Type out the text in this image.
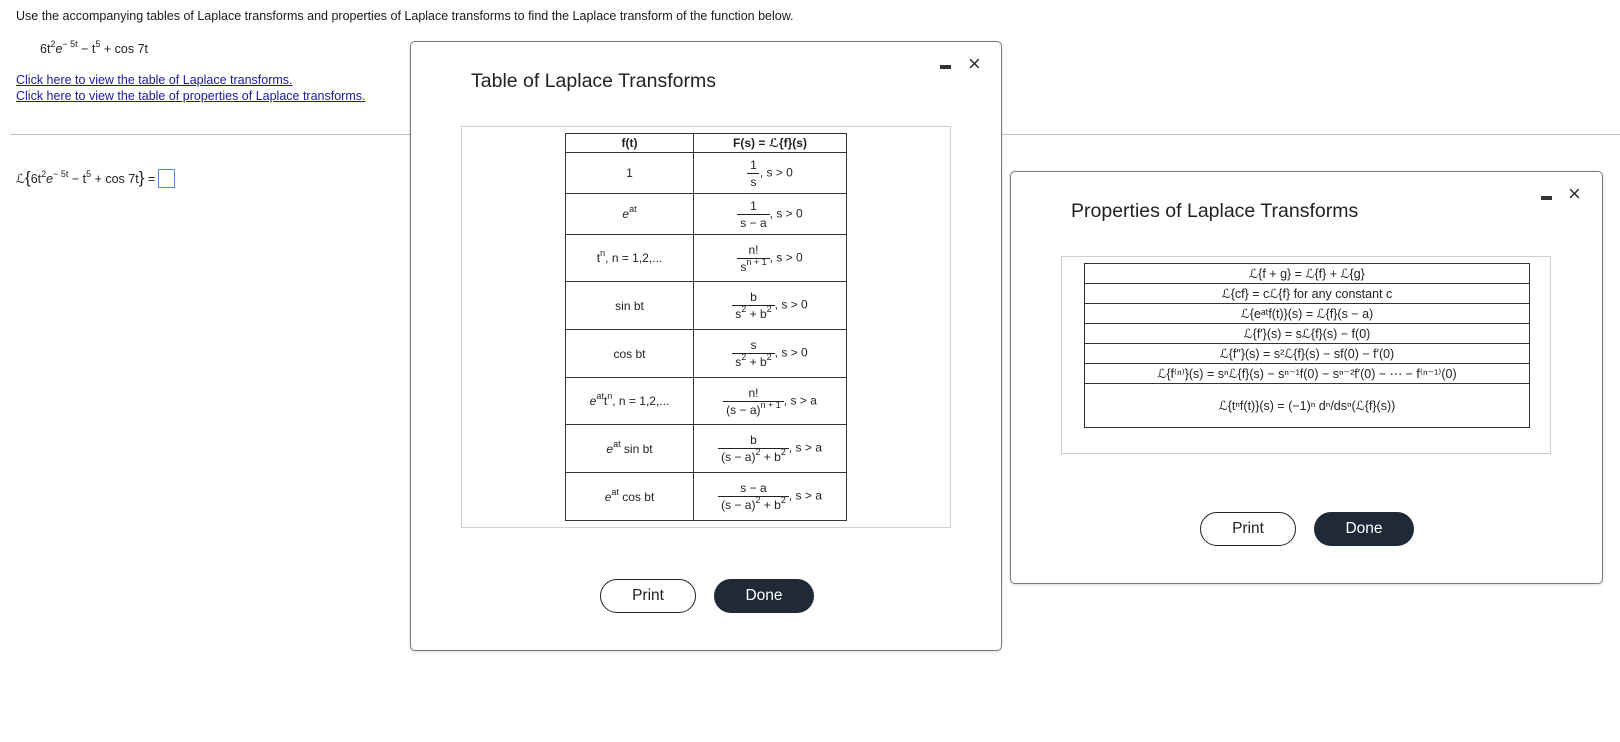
Use the accompanying tables of Laplace transforms and properties of Laplace transforms to find the Laplace transform of the function below.
$6t^2e^{- 5t} - t^5 + \cos 7t$
Click here to view the table of Laplace transforms.
Click here to view the table of properties of Laplace transforms.
$ℒ\{6t^2e^{- 5t} - t^5 + \cos 7t\}$ =
Table of Laplace Transforms
×
f(t)	F(s) = ℒ{f}(s)
1	$\frac{1}{s}$ , s > 0
$e^{at}$	$\frac{1}{s - a}$ , s > 0
$t^n$, n = 1,2,...	$\frac{n!}{s^{n + 1}}$ , s > 0
sin bt	$\frac{b}{s^2 + b^2}$ , s > 0
cos bt	$\frac{s}{s^2 + b^2}$ , s > 0
$e^{at}t^n$, n = 1,2,...	$\frac{n!}{(s - a)^{n + 1}}$ , s > a
$e^{at}$ sin bt	$\frac{b}{(s - a)^2 + b^2}$ , s > a
$e^{at}$ cos bt	$\frac{s - a}{(s - a)^2 + b^2}$ , s > a
Print	Done
Properties of Laplace Transforms
×
ℒ{f + g} = ℒ{f} + ℒ{g}
ℒ{cf} = cℒ{f} for any constant c
ℒ{eᵃᵗf(t)}(s) = ℒ{f}(s − a)
ℒ{f′}(s) = sℒ{f}(s) − f(0)
ℒ{f″}(s) = s²ℒ{f}(s) − sf(0) − f′(0)
ℒ{f⁽ⁿ⁾}(s) = sⁿℒ{f}(s) − sⁿ⁻¹f(0) − sⁿ⁻²f′(0) − ⋯ − f⁽ⁿ⁻¹⁾(0)
ℒ{tⁿf(t)}(s) = (−1)ⁿ dⁿ/dsⁿ(ℒ{f}(s))
Print	Done
